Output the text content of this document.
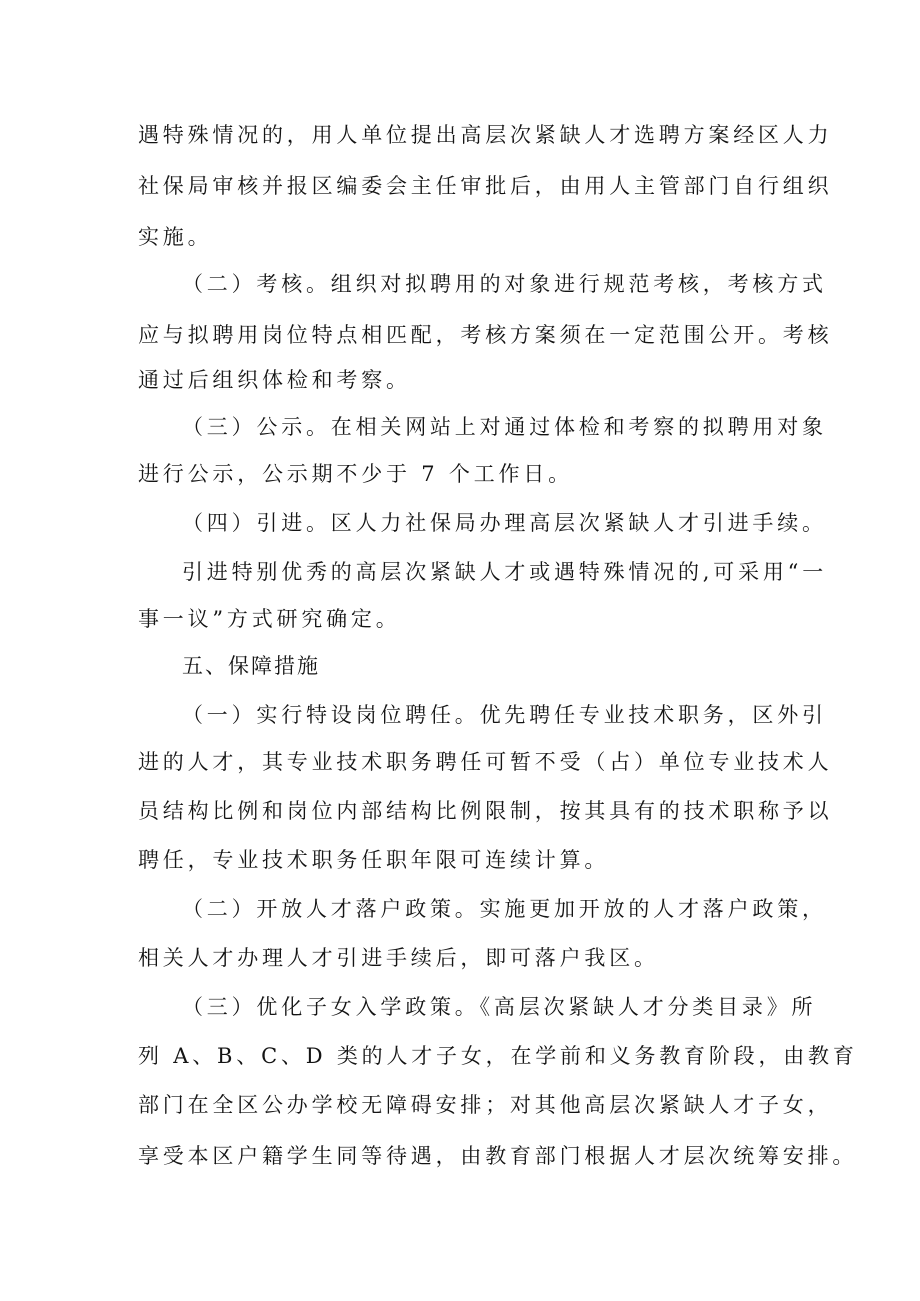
遇特殊情况的，用人单位提出高层次紧缺人才选聘方案经区人力
社保局审核并报区编委会主任审批后，由用人主管部门自行组织
实施。
（二）考核。组织对拟聘用的对象进行规范考核，考核方式
应与拟聘用岗位特点相匹配，考核方案须在一定范围公开。考核
通过后组织体检和考察。
（三）公示。在相关网站上对通过体检和考察的拟聘用对象
进行公示，公示期不少于 7 个工作日。
（四）引进。区人力社保局办理高层次紧缺人才引进手续。
引进特别优秀的高层次紧缺人才或遇特殊情况的,可采用“一
事一议”方式研究确定。
五、保障措施
（一）实行特设岗位聘任。优先聘任专业技术职务，区外引
进的人才，其专业技术职务聘任可暂不受（占）单位专业技术人
员结构比例和岗位内部结构比例限制，按其具有的技术职称予以
聘任，专业技术职务任职年限可连续计算。
（二）开放人才落户政策。实施更加开放的人才落户政策，
相关人才办理人才引进手续后，即可落户我区。
（三）优化子女入学政策。《高层次紧缺人才分类目录》所
列 A、B、C、D 类的人才子女，在学前和义务教育阶段，由教育
部门在全区公办学校无障碍安排；对其他高层次紧缺人才子女，
享受本区户籍学生同等待遇，由教育部门根据人才层次统筹安排。
